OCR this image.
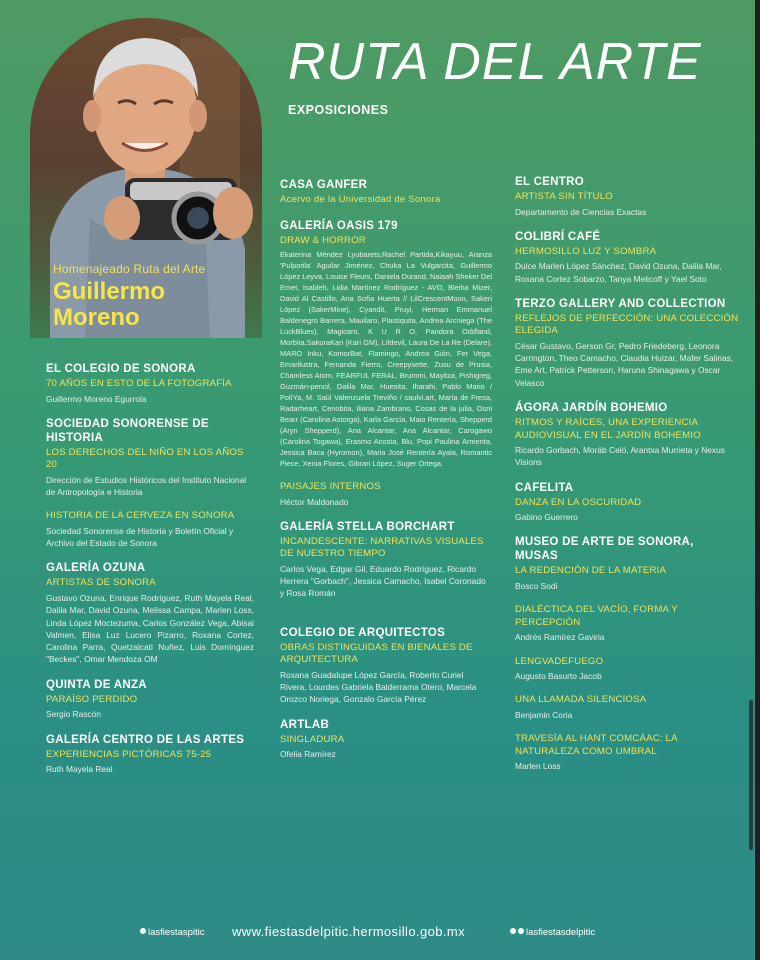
Homenajeado Ruta del Arte
Guillermo
Moreno
RUTA DEL ARTE
EXPOSICIONES
EL COLEGIO DE SONORA
70 AÑOS EN ESTO DE LA FOTOGRAFÍA
Guillermo Moreno Egurrola
SOCIEDAD SONORENSE DE HISTORIA
LOS DERECHOS DEL NIÑO EN LOS AÑOS 20
Dirección de Estudios Históricos del Instituto Nacional de Antropología e Historia
HISTORIA DE LA CERVEZA EN SONORA
Sociedad Sonorense de Historia y Boletín Oficial y Archivo del Estado de Sonora
GALERÍA OZUNA
ARTISTAS DE SONORA
Gustavo Ozuna, Enrique Rodríguez, Ruth Mayela Real, Dalila Mar, David Ozuna, Melissa Campa, Marlen Loss, Linda López Moctezuma, Carlos González Vega, Abisai Valmen, Elisa Luz Lucero Pizarro, Roxana Cortez, Carolina Parra, Quetzalcatl Nuñez, Luis Domínguez "Beckes", Omar Mendoza OM
QUINTA DE ANZA
PARAÍSO PERDIDO
Sergio Rascón
GALERÍA CENTRO DE LAS ARTES
EXPERIENCIAS PICTÓRICAS 75-25
Ruth Mayela Real
CASA GANFER
Acervo de la Universidad de Sonora
GALERÍA OASIS 179
DRAW & HORROR
Ekaterina Méndez Lyubarets,Rachel Partida,Kikayuu, Aranza 'Pulporila' Aguilar Jiménez, Chuka La Vulgarcita, Guillermo López Leyva, Louise Fleurs, Daniela Durand, Naiaah Sheker Del Emet, Isableh, Lidia Martínez Rodríguez - AVO, Bleiha Mizer, David Al Castillo, Ana Sofía Huerta // LilCrescentMoon, Sakeri López (SakerMine), Cyandit, Pruyi, Herman Emmanuel Baldenegro Barrera, Mauilaro, Plastiquita, Andrea Arcniega (The LuckBlues), Magicaro, K U R O, Pandora Oddland, Morbita,SakuraKari (Kari GM), Lifdevil, Laura De La Re (Delare), MARO Inku, KomorBat, Flamingo, Andrea Gión, Fer Vega, Emarilustra, Fernanda Fierro, Creepysette, Zusu de Prusia, Chamless Atom, FEARFUL FERAL, Brummi, Mayitza, Pishigreg, Guzmán-pencil, Dalila Mar, Huesita, Iharahi, Pablo Mario / PolíYa, M. Saúl Valenzuela Treviño / saulvi.art, María de Fresa, Radarheart, Cenobita, Iliana Zambrano, Cosas de la julia, Osni Bearr (Carolina Astorga), Karla García, Maio Rentería, Shepperd (Aryn Shepperd), Ana Alcantar, Ana Alcantar, Carogawo (Carolina Togawa), Erasmo Acosta, Blu, Popi Paulina Armenta, Jessica Baca (Hyromon), Maria José Rentería Ayala, Romantic Piece, Xenia Flores, Gibran López, Suger Ortega.
PAISAJES INTERNOS
Héctor Maldonado
GALERÍA STELLA BORCHART
INCANDESCENTE: NARRATIVAS VISUALES DE NUESTRO TIEMPO
Carlos Vega, Edgar Gil, Eduardo Rodríguez, Ricardo Herrera "Gorbach", Jessica Camacho, Isabel Coronado y Rosa Román
COLEGIO DE ARQUITECTOS
OBRAS DISTINGUIDAS EN BIENALES DE ARQUITECTURA
Roxana Guadalupe López García, Roberto Curiel Rivera, Lourdes Gabriela Balderrama Otero, Marcela Orozco Noriega, Gonzalo García Pérez
ARTLAB
SINGLADURA
Ofelia Ramírez
EL CENTRO
ARTISTA SIN TÍTULO
Departamento de Ciencias Exactas
COLIBRÍ CAFÉ
HERMOSILLO LUZ Y SOMBRA
Dulce Marlen López Sánchez, David Ozuna, Dalila Mar, Roxana Cortez Sobarzo, Tanya Melicoff y Yael Soto
TERZO GALLERY AND COLLECTION
REFLEJOS DE PERFECCIÓN: UNA COLECCIÓN ELEGIDA
César Gustavo, Gerson Gr, Pedro Friedeberg, Leonora Carrington, Theo Camacho, Claudia Huizar, Mafer Salinas, Eme Art, Patrick Petterson, Haruna Shinagawa y Oscar Velasco
ÁGORA JARDÍN BOHEMIO
RITMOS Y RAÍCES, UNA EXPERIENCIA AUDIOVISUAL EN EL JARDÍN BOHEMIO
Ricardo Gorbach, Moráb Celó, Arantxa Murrieta y Nexus Visions
CAFELITA
DANZA EN LA OSCURIDAD
Gabino Guerrero
MUSEO DE ARTE DE SONORA, MUSAS
LA REDENCIÓN DE LA MATERIA
Bosco Sodi
DIALÉCTICA DEL VACÍO, FORMA Y PERCEPCIÓN
Andrés Ramírez Gaviria
LENGVADEFUEGO
Augusto Basurto Jacob
UNA LLAMADA SILENCIOSA
Benjamin Coria
TRAVESÍA AL HANT COMCÁAC: LA NATURALEZA COMO UMBRAL
Marlen Loss
lasfiestaspitic www.fiestasdelpitic.hermosillo.gob.mx	lasfiestasdelpitic
